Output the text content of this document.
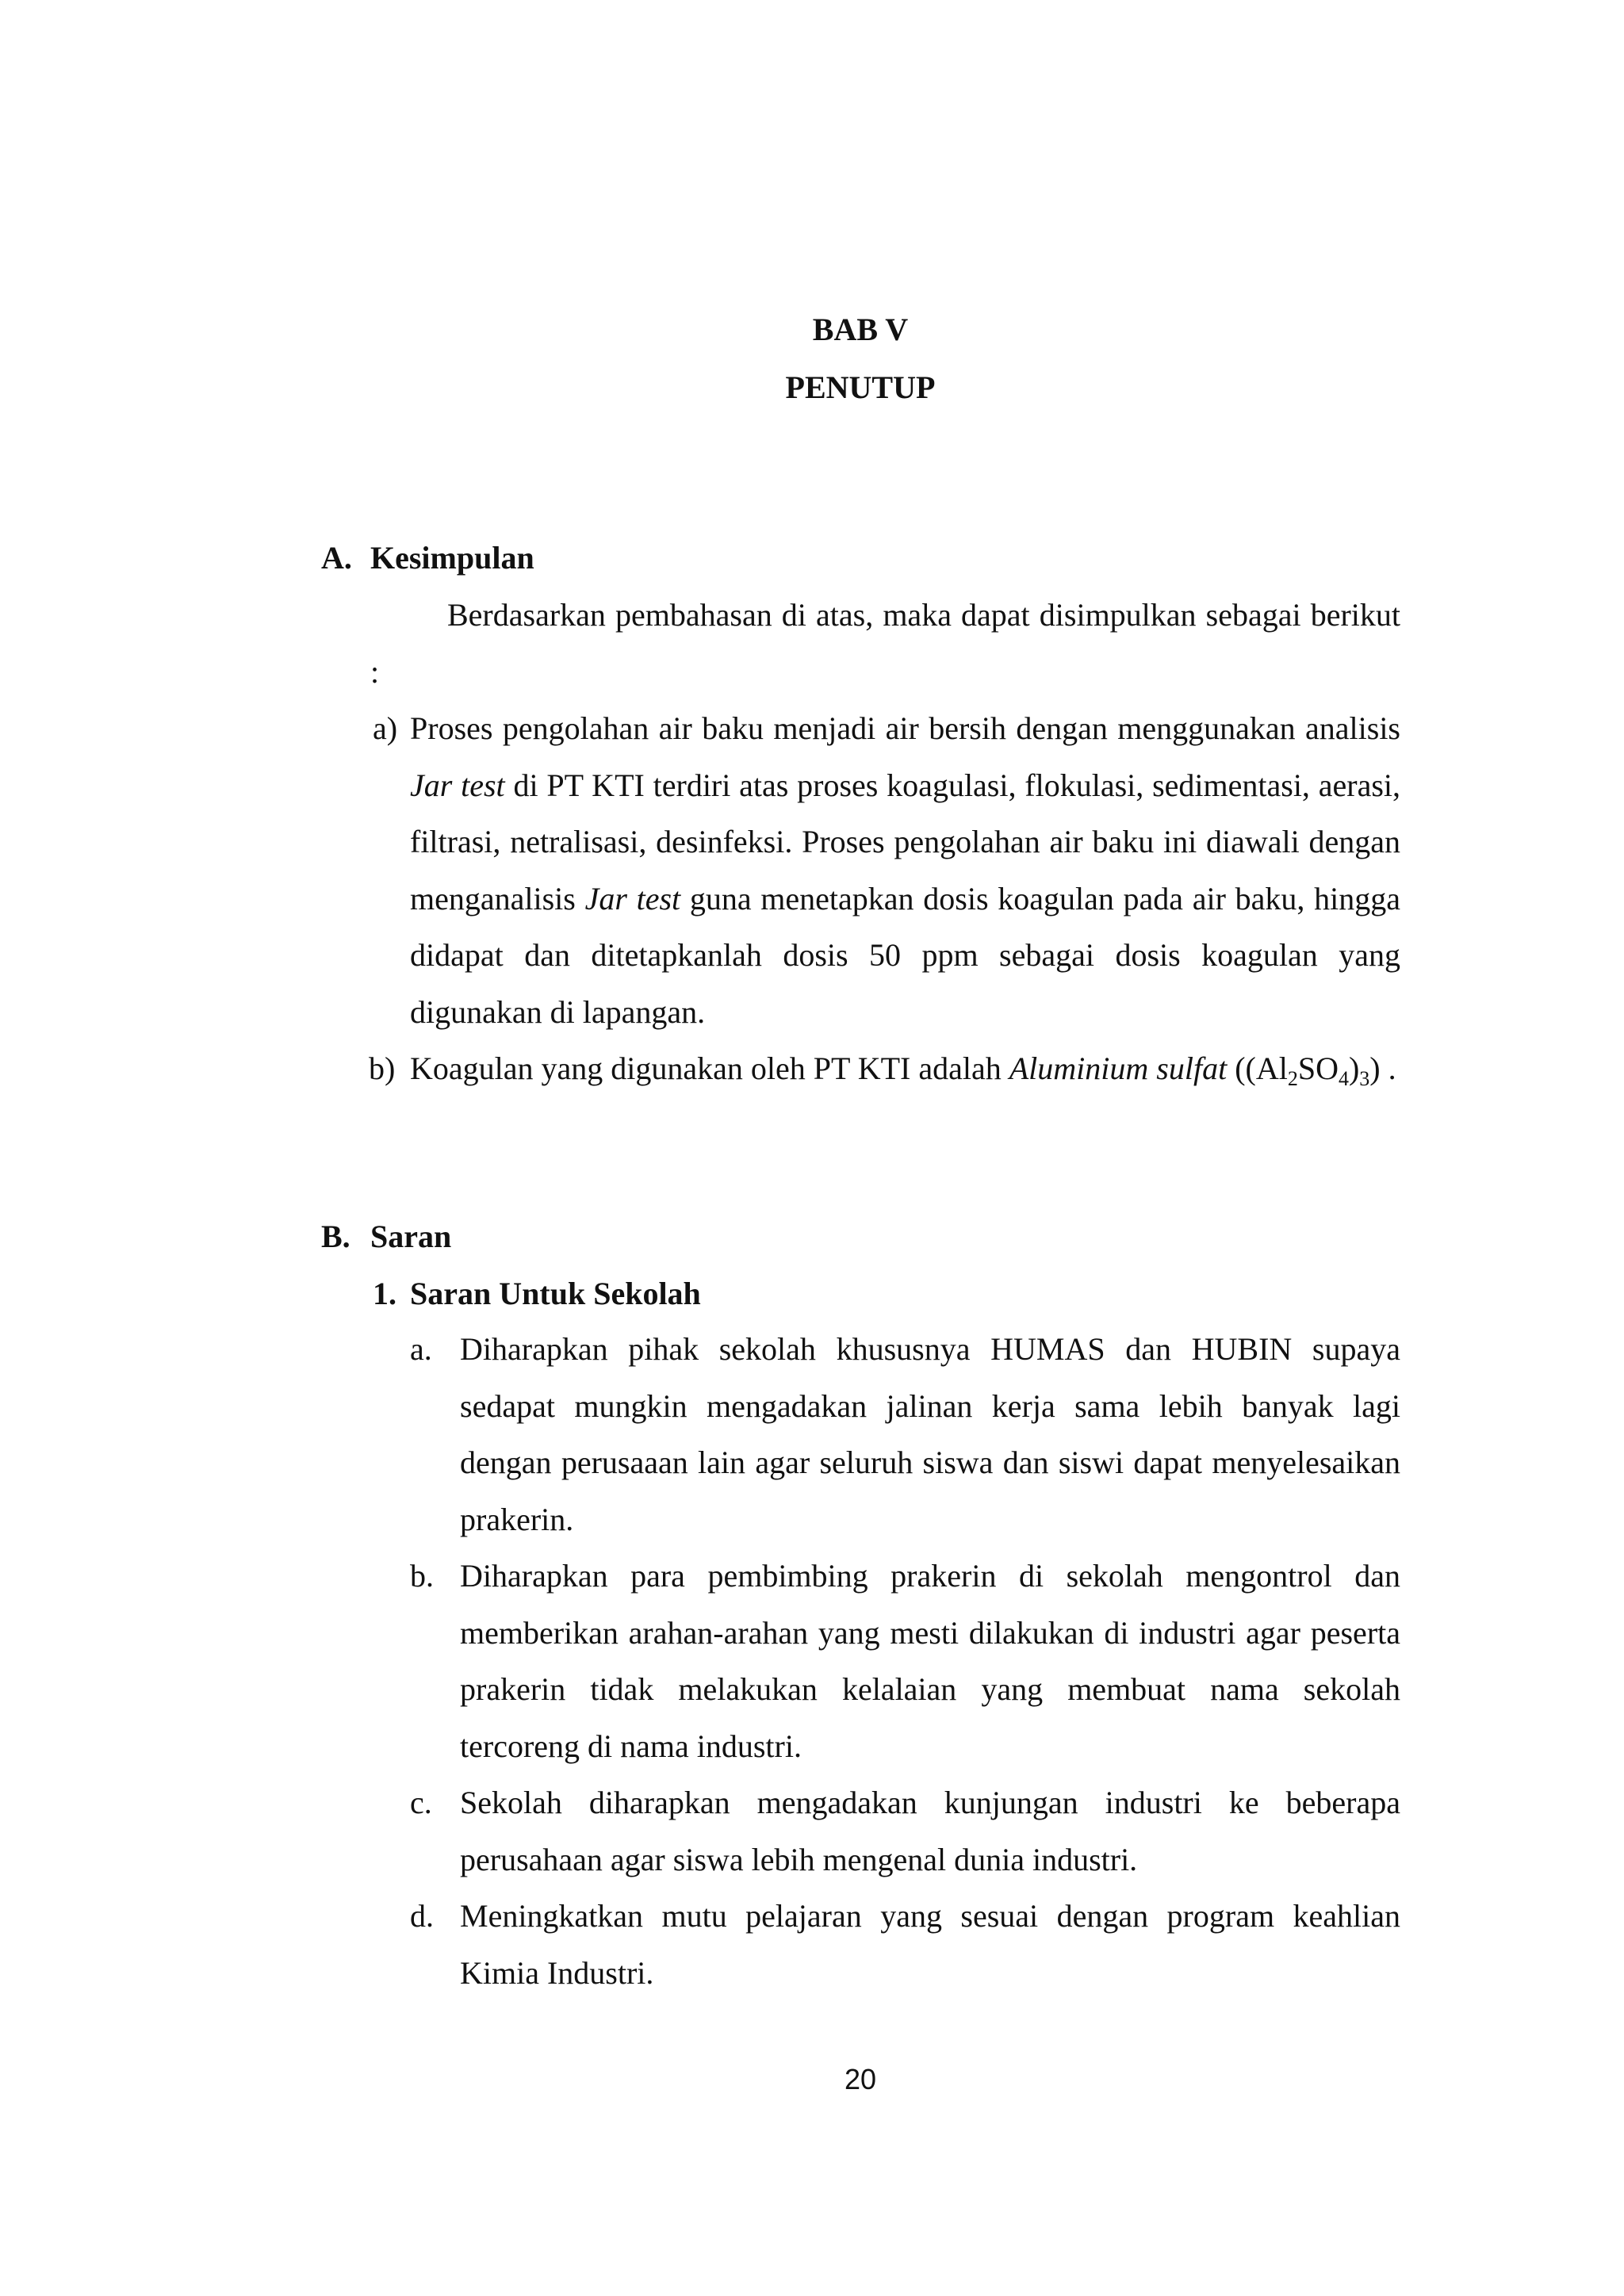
BAB V
PENUTUP
A. Kesimpulan
Berdasarkan pembahasan di atas, maka dapat disimpulkan sebagai berikut :
a) Proses pengolahan air baku menjadi air bersih dengan menggunakan analisis Jar test di PT KTI terdiri atas proses koagulasi, flokulasi, sedimentasi, aerasi, filtrasi, netralisasi, desinfeksi. Proses pengolahan air baku ini diawali dengan menganalisis Jar test guna menetapkan dosis koagulan pada air baku, hingga didapat dan ditetapkanlah dosis 50 ppm sebagai dosis koagulan yang digunakan di lapangan.
b) Koagulan yang digunakan oleh PT KTI adalah Aluminium sulfat $((Al_2SO_4)_3)$ .
B. Saran
1. Saran Untuk Sekolah
a. Diharapkan pihak sekolah khususnya HUMAS dan HUBIN supaya sedapat mungkin mengadakan jalinan kerja sama lebih banyak lagi dengan perusaaan lain agar seluruh siswa dan siswi dapat menyelesaikan prakerin.
b. Diharapkan para pembimbing prakerin di sekolah mengontrol dan memberikan arahan-arahan yang mesti dilakukan di industri agar peserta prakerin tidak melakukan kelalaian yang membuat nama sekolah tercoreng di nama industri.
c. Sekolah diharapkan mengadakan kunjungan industri ke beberapa perusahaan agar siswa lebih mengenal dunia industri.
d. Meningkatkan mutu pelajaran yang sesuai dengan program keahlian Kimia Industri.
20
